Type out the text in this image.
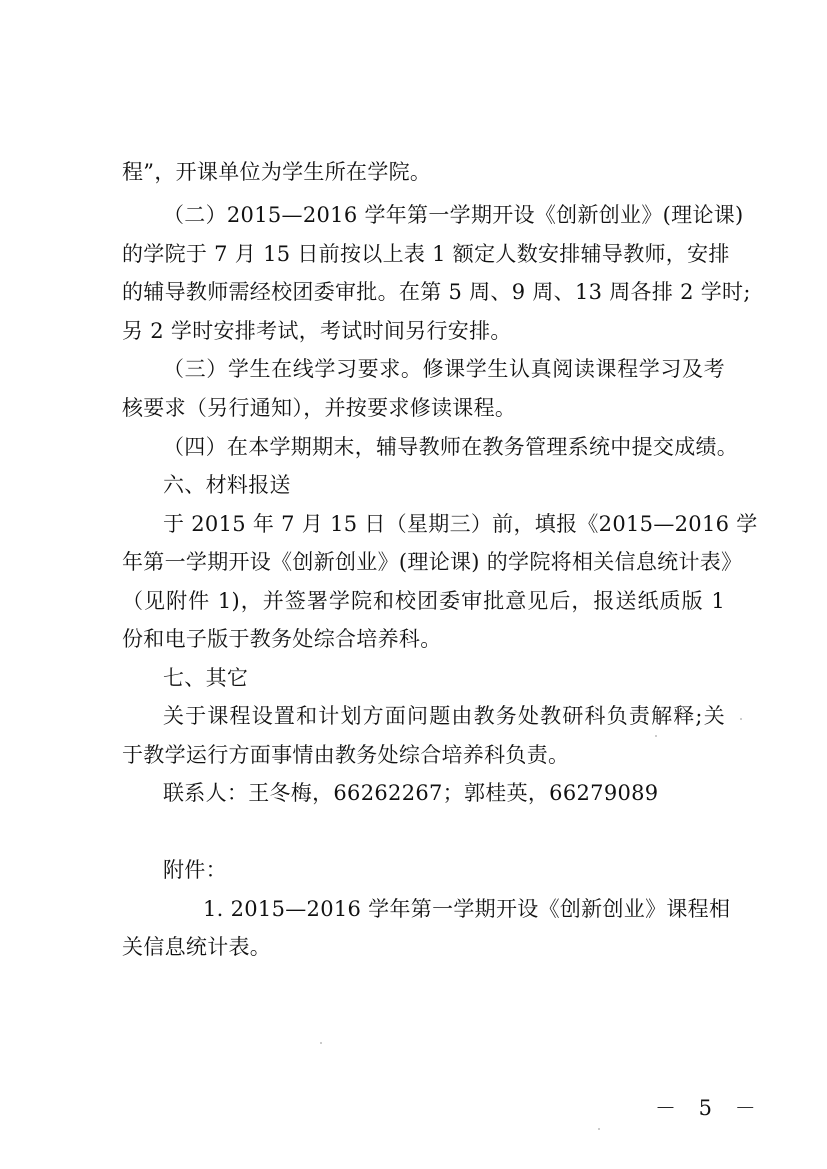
程”，开课单位为学生所在学院。
（二）2015—2016 学年第一学期开设《创新创业》(理论课)
的学院于 7 月 15 日前按以上表 1 额定人数安排辅导教师，安排
的辅导教师需经校团委审批。在第 5 周、9 周、13 周各排 2 学时;
另 2 学时安排考试，考试时间另行安排。
（三）学生在线学习要求。修课学生认真阅读课程学习及考
核要求（另行通知），并按要求修读课程。
（四）在本学期期末，辅导教师在教务管理系统中提交成绩。
六、材料报送
于 2015 年 7 月 15 日（星期三）前，填报《2015—2016 学
年第一学期开设《创新创业》(理论课) 的学院将相关信息统计表》
（见附件 1)，并签署学院和校团委审批意见后，报送纸质版 1
份和电子版于教务处综合培养科。
七、其它
关于课程设置和计划方面问题由教务处教研科负责解释;关
于教学运行方面事情由教务处综合培养科负责。
联系人：王冬梅，66262267；郭桂英，66279089
附件：
1. 2015—2016 学年第一学期开设《创新创业》课程相
关信息统计表。
－ 5 －
